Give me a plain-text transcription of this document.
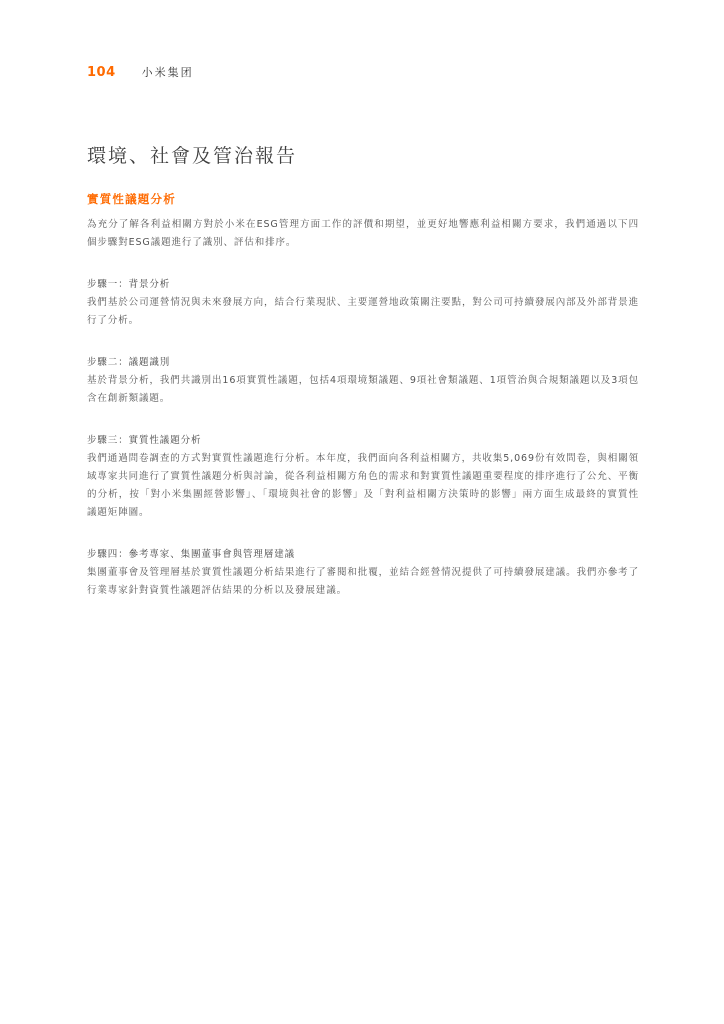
104 小米集团
環境、社會及管治報告
實質性議題分析

為充分了解各利益相關方對於小米在ESG管理方面工作的評價和期望，並更好地響應利益相關方要求，我們通過以下四個步驟對ESG議題進行了識別、評估和排序。

步驟一：背景分析

我們基於公司運營情況與未來發展方向，結合行業現狀、主要運營地政策關注要點，對公司可持續發展內部及外部背景進行了分析。

步驟二：議題識別

基於背景分析，我們共識別出16項實質性議題，包括4項環境類議題、9項社會類議題、1項管治與合規類議題以及3項包含在創新類議題。

步驟三：實質性議題分析

我們通過問卷調查的方式對實質性議題進行分析。本年度，我們面向各利益相關方，共收集5,069份有效問卷，與相關領域專家共同進行了實質性議題分析與討論，從各利益相關方角色的需求和對實質性議題重要程度的排序進行了公允、平衡的分析，按「對小米集團經營影響」、「環境與社會的影響」及「對利益相關方決策時的影響」兩方面生成最終的實質性議題矩陣圖。

步驟四：參考專家、集團董事會與管理層建議

集團董事會及管理層基於實質性議題分析結果進行了審閱和批覆，並結合經營情況提供了可持續發展建議。我們亦參考了行業專家針對資質性議題評估結果的分析以及發展建議。
